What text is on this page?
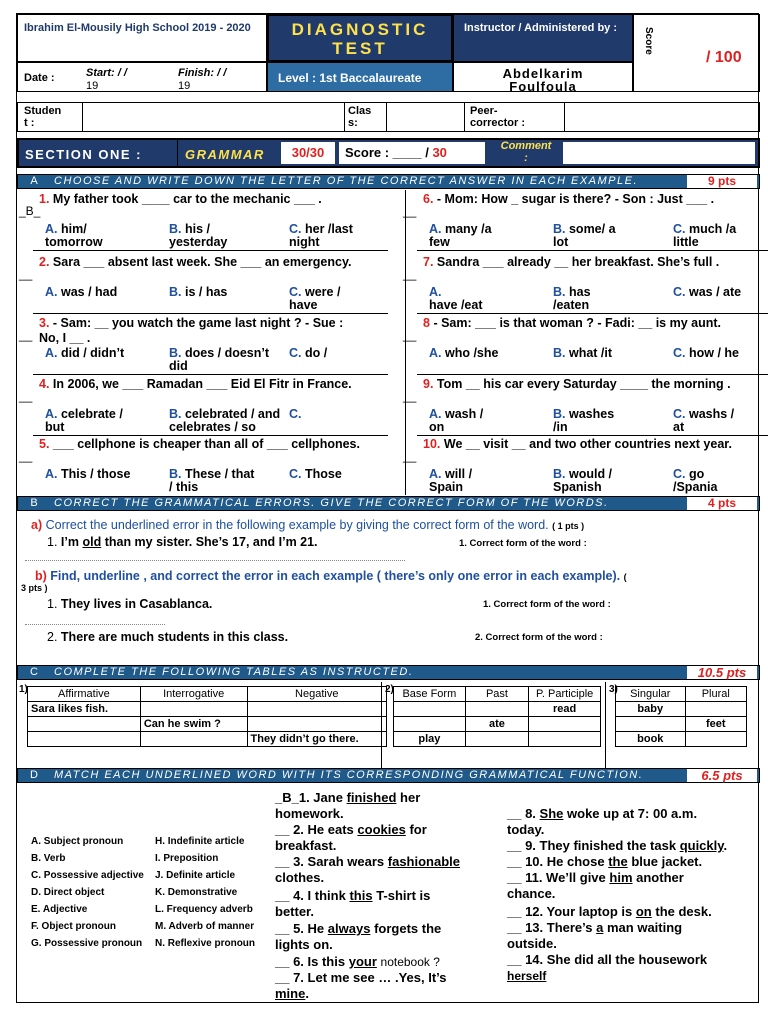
Ibrahim El-Mousily High School 2019 - 2020
Date :	Start: / /
19
Finish: / /
19
DIAGNOSTIC
TEST
Level : 1st Baccalaureate
Instructor / Administered by :
Abdelkarim
Foulfoula
Score
/ 100
Studen
t :
Clas
s:
Peer-
corrector :
SECTION ONE :	GRAMMAR	30/30	Score : ____ / 30	Comment
:
A	CHOOSE AND WRITE DOWN THE LETTER OF THE CORRECT ANSWER IN EACH EXAMPLE.	9 pts
_B_
1. My father took ____ car to the mechanic ___ .
A. him/
tomorrow
B. his /
yesterday
C. her /last
night
__
2. Sara ___ absent last week. She ___ an emergency.
A. was / had	B. is / has	C. were /
have
__
3. - Sam: __ you watch the game last night ? - Sue : No, I __ .
A. did / didn’t	B. does / doesn’t
did
C. do /

__
4. In 2006, we ___ Ramadan ___ Eid El Fitr in France.
A. celebrate /
but
B. celebrated / and
celebrates / so
C.

__
5. ___ cellphone is cheaper than all of ___ cellphones.
A. This / those	B. These / that
/ this
C. Those

__
6. - Mom: How _ sugar is there? - Son : Just ___ .
A. many /a
few
B. some/ a
lot
C. much /a
little
__
7. Sandra ___ already __ her breakfast. She’s full .
A.
have /eat
B. has
/eaten
C. was / ate

__
8 - Sam: ___ is that woman ? - Fadi: __ is my aunt.
A. who /she	B. what /it	C. how / he

__
9. Tom __ his car every Saturday ____ the morning .
A. wash /
on
B. washes
/in
C. washs /
at
__
10. We __ visit __ and two other countries next year.
A. will /
Spain
B. would /
Spanish
C. go
/Spania
B	CORRECT THE GRAMMATICAL ERRORS. GIVE THE CORRECT FORM OF THE WORDS.	4 pts
a) Correct the underlined error in the following example by giving the correct form of the word. ( 1 pts )
1. I’m old than my sister. She’s 17, and I’m 21.	1. Correct form of the word :
b) Find, underline , and correct the error in each example ( there’s only one error in each example). (
3 pts )
1. They lives in Casablanca.	1. Correct form of the word :
2. There are much students in this class.	2. Correct form of the word :
C	COMPLETE THE FOLLOWING TABLES AS INSTRUCTED.	10.5 pts
1)	Affirmative	Interrogative	Negative
Sara likes fish.		
	Can he swim ?	
		They didn’t go there.
2) Base Form	Past	P. Participle
		read
	ate	
play		
3) Singular	Plural
baby	
	feet
book	
D	MATCH EACH UNDERLINED WORD WITH ITS CORRESPONDING GRAMMATICAL FUNCTION.	6.5 pts
A. Subject pronoun
B. Verb
C. Possessive adjective
D. Direct object
E. Adjective
F. Object pronoun
G. Possessive pronoun
H. Indefinite article
I. Preposition
J. Definite article
K. Demonstrative
L. Frequency adverb
M. Adverb of manner
N. Reflexive pronoun
_B_1. Jane finished her
homework.
__ 2. He eats cookies for
breakfast.
__ 3. Sarah wears fashionable
clothes.
__ 4. I think this T-shirt is
better.
__ 5. He always forgets the
lights on.
__ 6. Is this your notebook ?
__ 7. Let me see … .Yes, It’s
mine.
__ 8. She woke up at 7: 00 a.m.
today.
__ 9. They finished the task quickly.
__ 10. He chose the blue jacket.
__ 11. We’ll give him another
chance.
__ 12. Your laptop is on the desk.
__ 13. There’s a man waiting
outside.
__ 14. She did all the housework
herself
